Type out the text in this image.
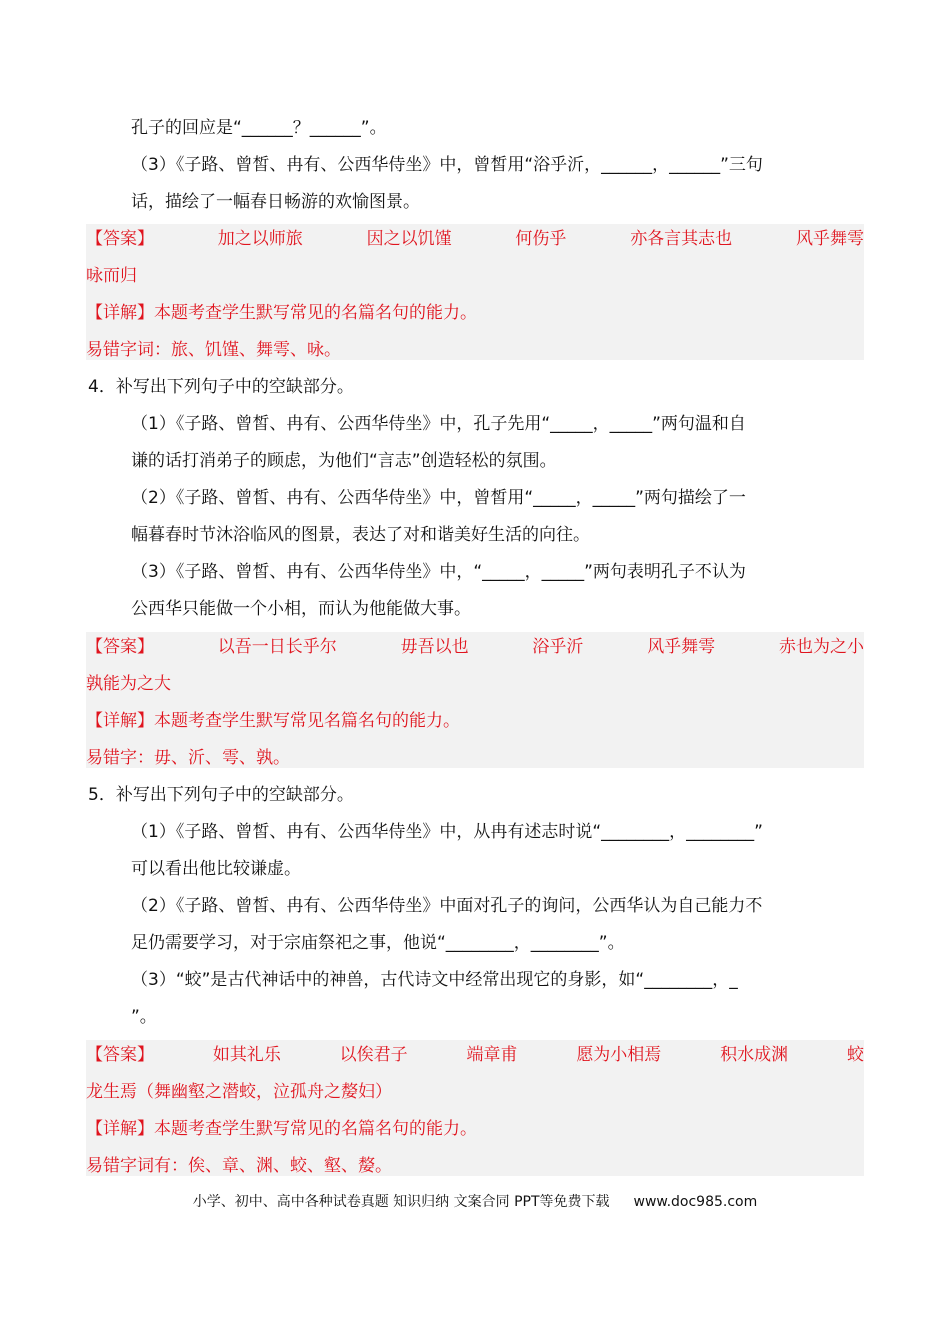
孔子的回应是“______？______”。
（3）《子路、曾皙、冉有、公西华侍坐》中，曾皙用“浴乎沂，______，______”三句
话，描绘了一幅春日畅游的欢愉图景。
【答案】	加之以师旅	因之以饥馑	何伤乎	亦各言其志也	风乎舞雩
咏而归
【详解】本题考查学生默写常见的名篇名句的能力。
易错字词：旅、饥馑、舞雩、咏。
4．补写出下列句子中的空缺部分。
（1）《子路、曾皙、冉有、公西华侍坐》中，孔子先用“_____，_____”两句温和自
谦的话打消弟子的顾虑，为他们“言志”创造轻松的氛围。
（2）《子路、曾皙、冉有、公西华侍坐》中，曾皙用“_____，_____”两句描绘了一
幅暮春时节沐浴临风的图景，表达了对和谐美好生活的向往。
（3）《子路、曾皙、冉有、公西华侍坐》中，“_____，_____”两句表明孔子不认为
公西华只能做一个小相，而认为他能做大事。
【答案】	以吾一日长乎尔	毋吾以也	浴乎沂	风乎舞雩	赤也为之小
孰能为之大
【详解】本题考查学生默写常见名篇名句的能力。
易错字：毋、沂、雩、孰。
5．补写出下列句子中的空缺部分。
（1）《子路、曾皙、冉有、公西华侍坐》中，从冉有述志时说“________，________”
可以看出他比较谦虚。
（2）《子路、曾皙、冉有、公西华侍坐》中面对孔子的询问，公西华认为自己能力不
足仍需要学习，对于宗庙祭祀之事，他说“________，________”。
（3）“蛟”是古代神话中的神兽，古代诗文中经常出现它的身影，如“________，_
”。
【答案】	如其礼乐	以俟君子	端章甫	愿为小相焉	积水成渊	蛟
龙生焉（舞幽壑之潜蛟，泣孤舟之嫠妇）
【详解】本题考查学生默写常见的名篇名句的能力。
易错字词有：俟、章、渊、蛟、壑、嫠。
小学、初中、高中各种试卷真题 知识归纳 文案合同 PPT等免费下载 www.doc985.com
